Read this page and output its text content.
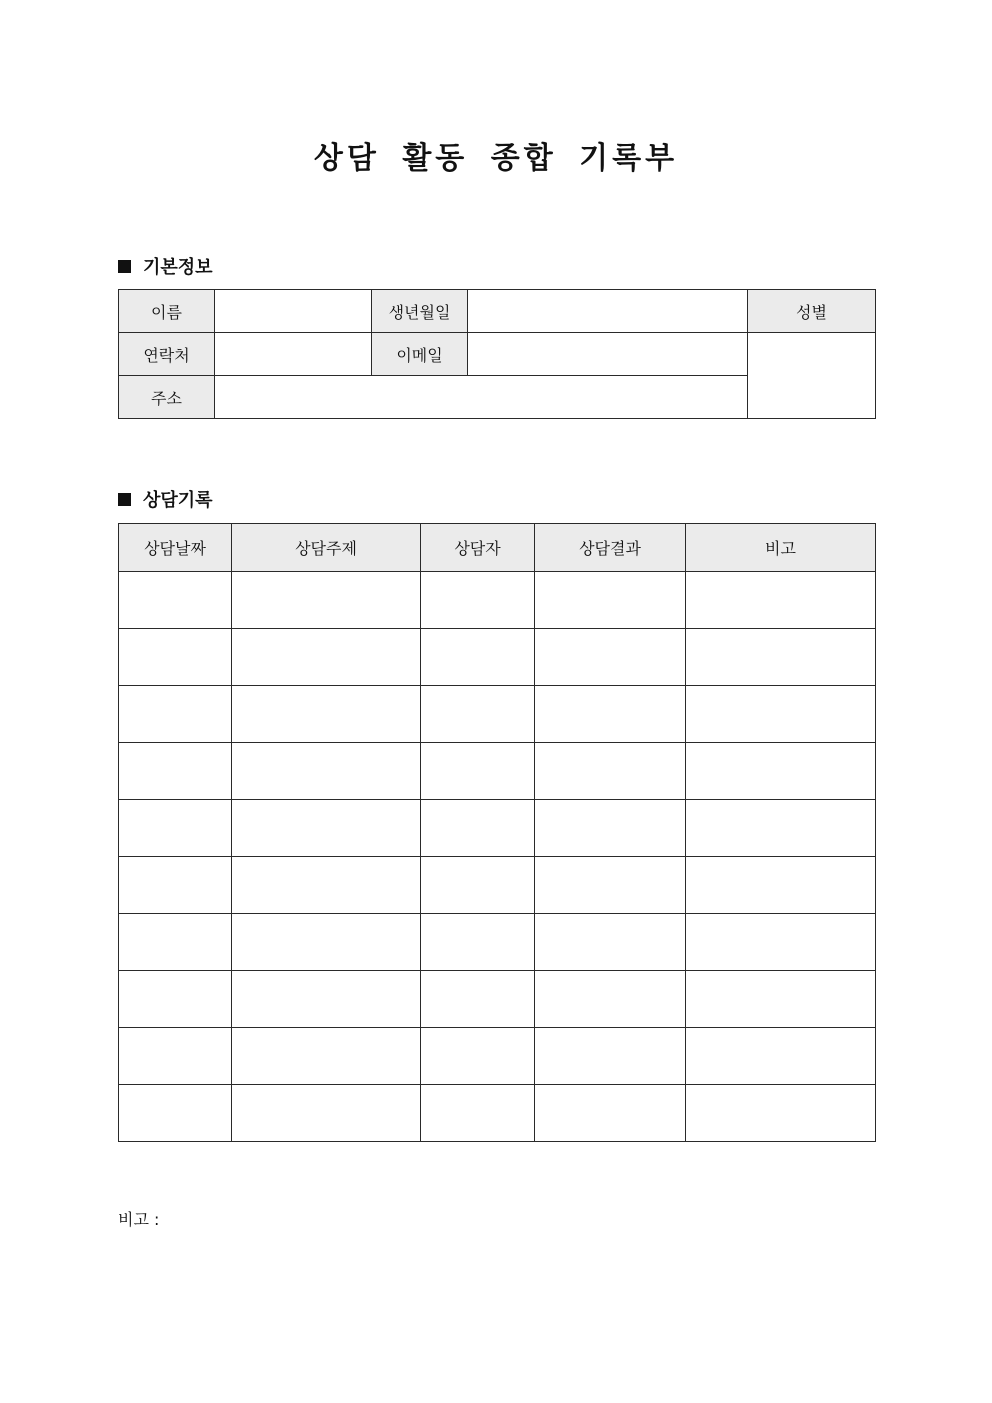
상담 활동 종합 기록부
기본정보
이름		생년월일		성별
연락처		이메일		
주소				
상담기록
상담날짜	상담주제	상담자	상담결과	비고

비고 :
